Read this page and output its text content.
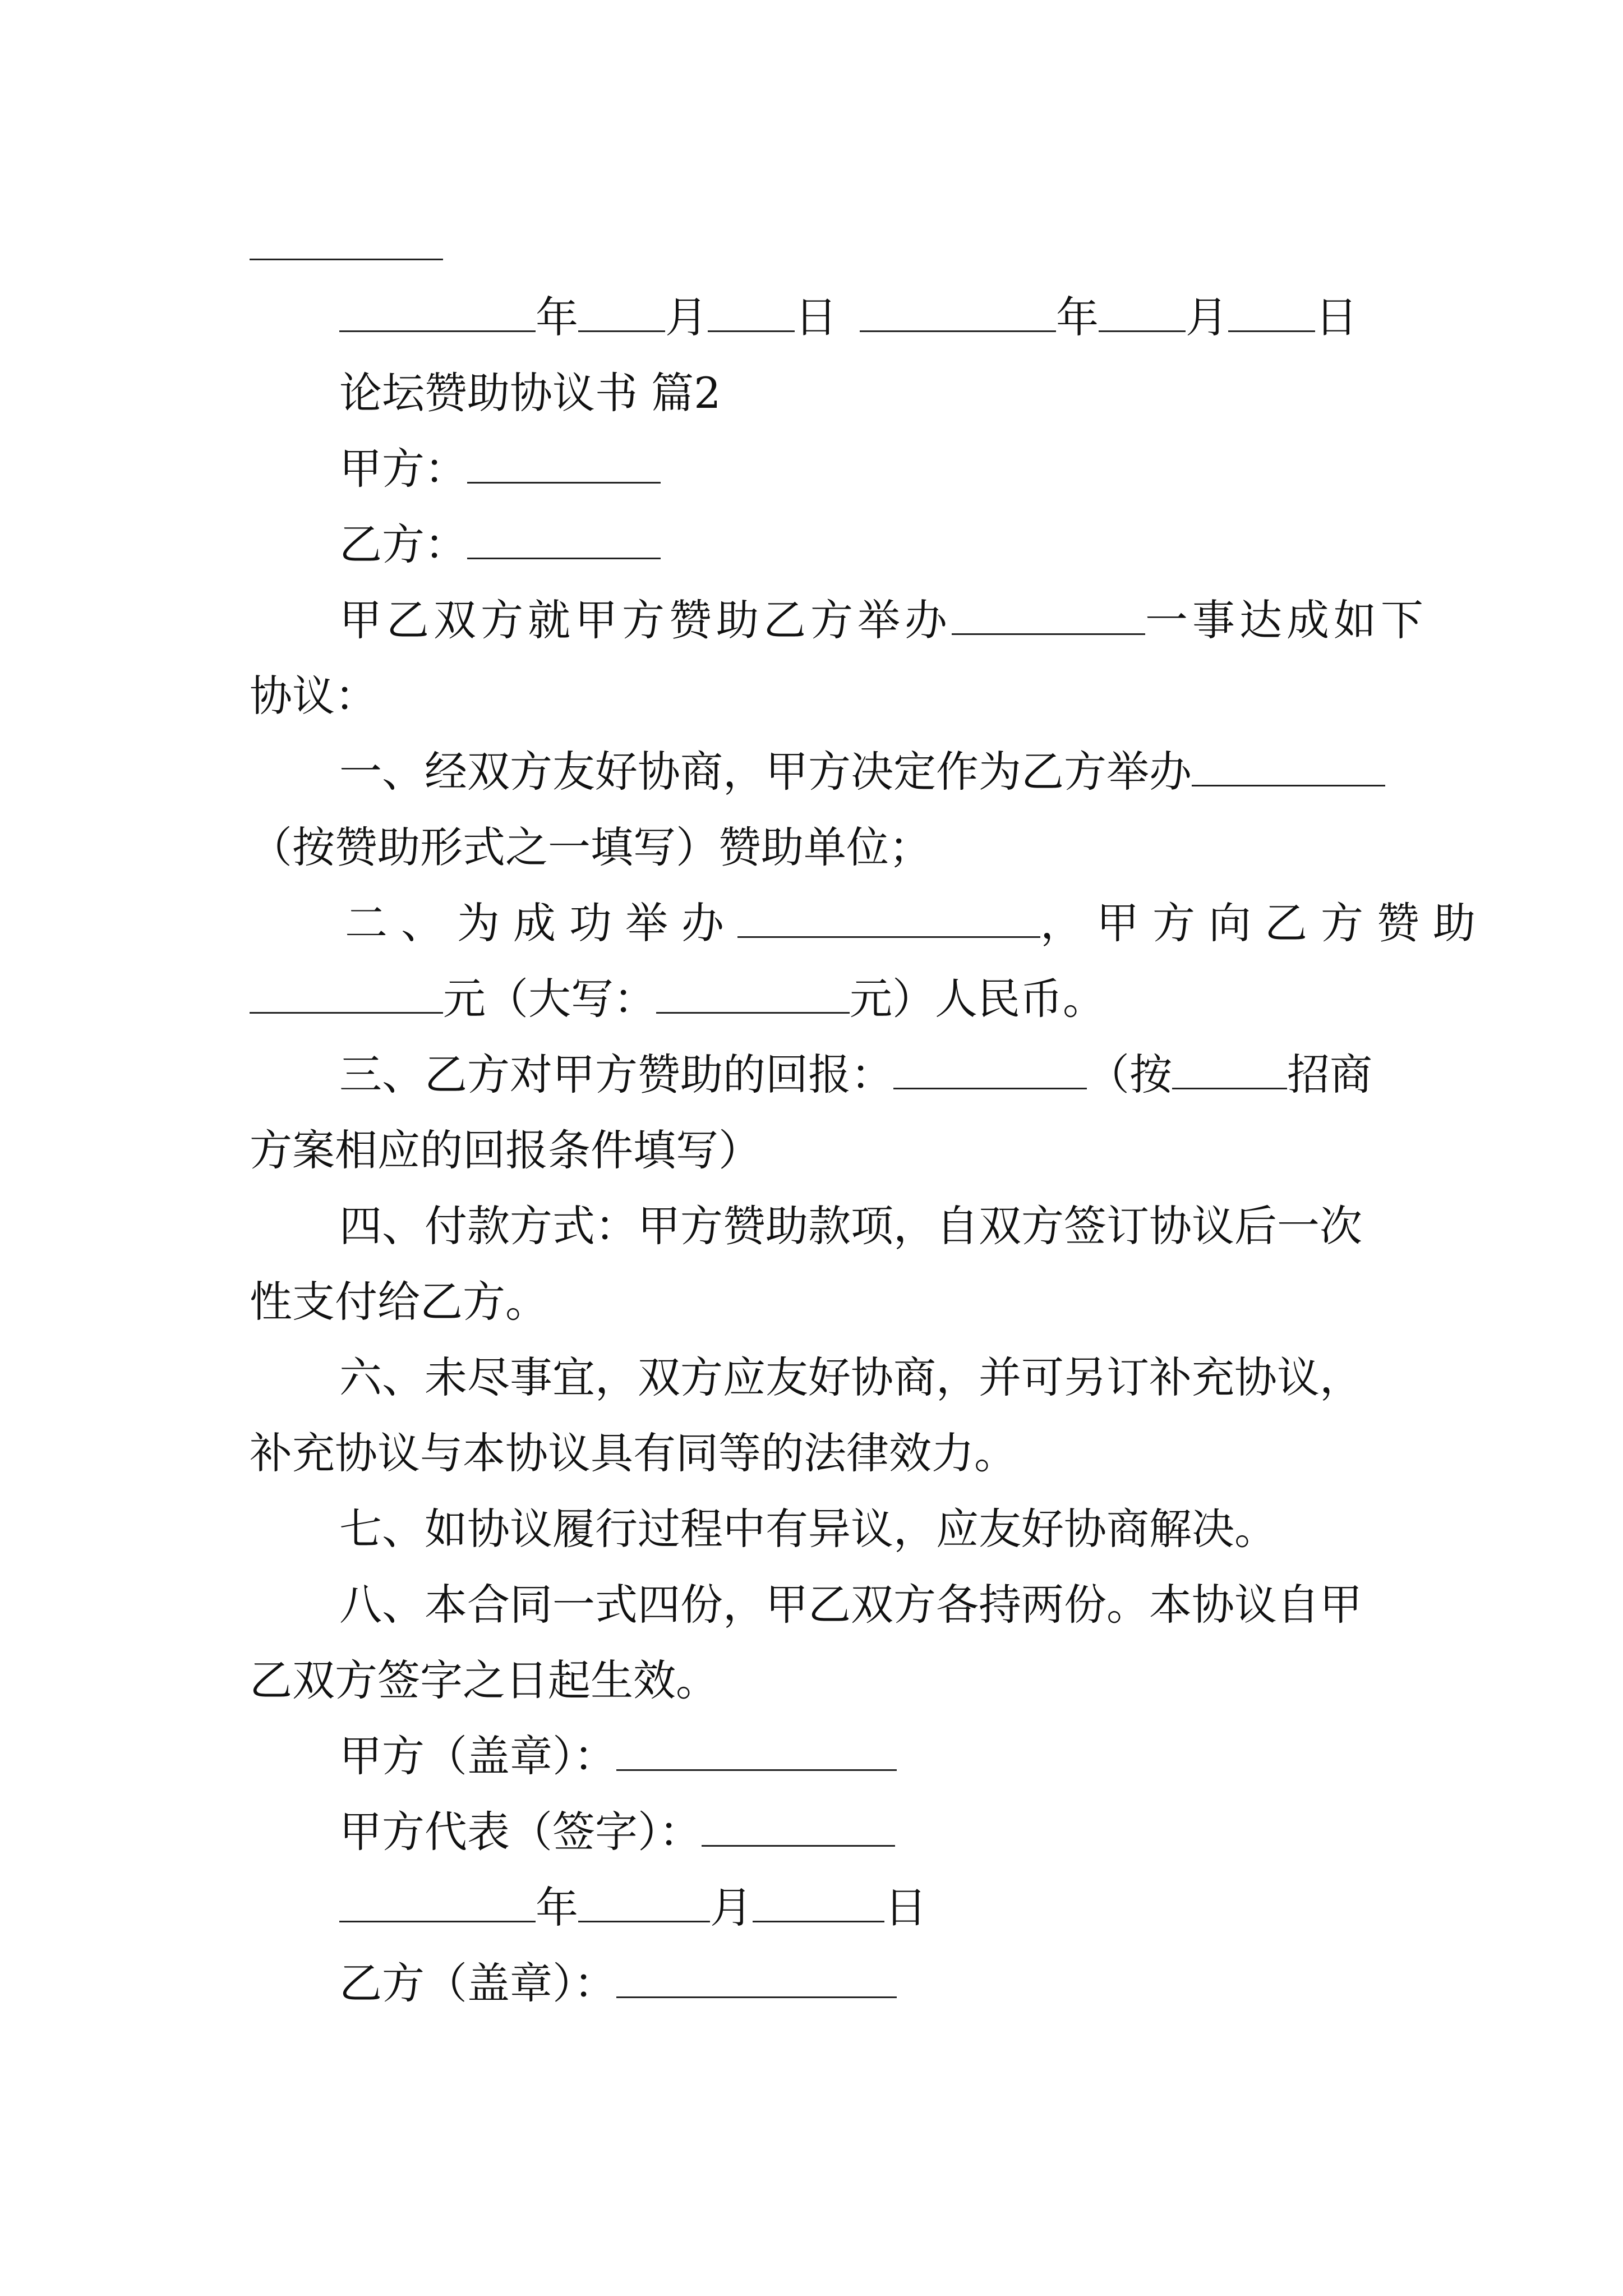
年 月 日	年 月 日
论坛赞助协议书 篇2
甲方：
乙方：
甲乙双方就甲方赞助乙方举办	一事达成如下
协议：
一、经双方友好协商，甲方决定作为乙方举办
（按赞助形式之一填写）赞助单位；
二、为成功举办	，甲方向乙方赞助
元（大写：	元）人民币。
三、乙方对甲方赞助的回报：	（按	招商
方案相应的回报条件填写）
四、付款方式：甲方赞助款项，自双方签订协议后一次
性支付给乙方。
六、未尽事宜，双方应友好协商，并可另订补充协议，
补充协议与本协议具有同等的法律效力。
七、如协议履行过程中有异议，应友好协商解决。
八、本合同一式四份，甲乙双方各持两份。本协议自甲
乙双方签字之日起生效。
甲方（盖章）：
甲方代表（签字）：
年	月	日
乙方（盖章）：
